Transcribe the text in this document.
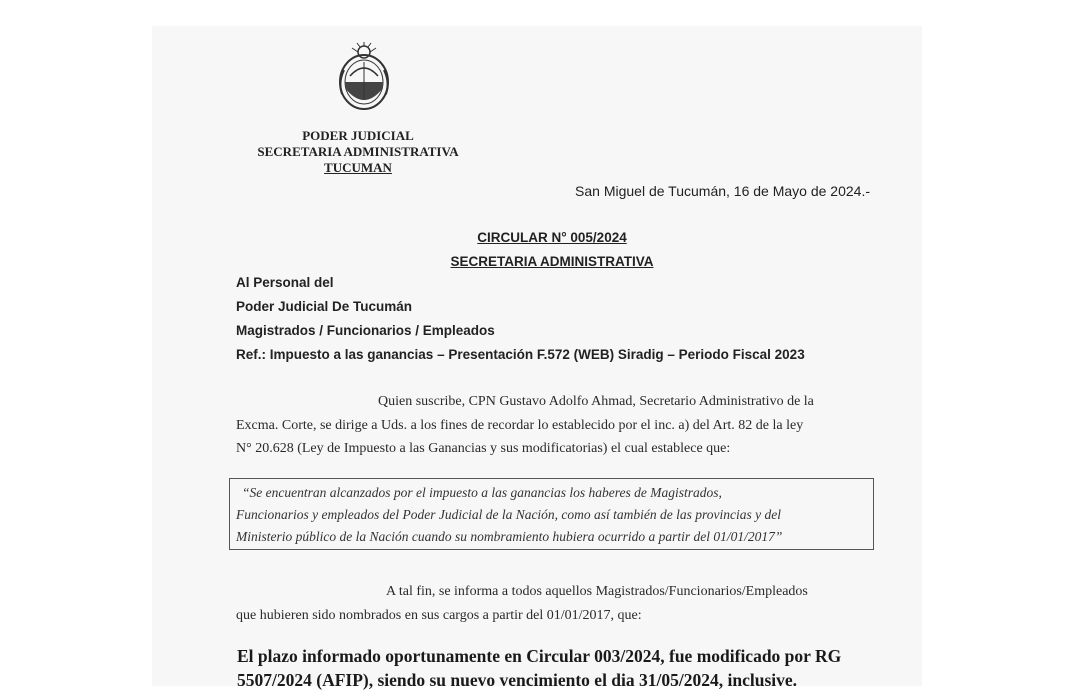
PODER JUDICIAL
SECRETARIA ADMINISTRATIVA
TUCUMAN
San Miguel de Tucumán, 16 de Mayo de 2024.-
CIRCULAR N° 005/2024
SECRETARIA ADMINISTRATIVA
Al Personal del
Poder Judicial De Tucumán
Magistrados / Funcionarios / Empleados
Ref.: Impuesto a las ganancias – Presentación F.572 (WEB) Siradig – Periodo Fiscal 2023
Quien suscribe, CPN Gustavo Adolfo Ahmad, Secretario Administrativo de la
Excma. Corte, se dirige a Uds. a los fines de recordar lo establecido por el inc. a) del Art. 82 de la ley
N° 20.628 (Ley de Impuesto a las Ganancias y sus modificatorias) el cual establece que:
“Se encuentran alcanzados por el impuesto a las ganancias los haberes de Magistrados,
Funcionarios y empleados del Poder Judicial de la Nación, como así también de las provincias y del
Ministerio público de la Nación cuando su nombramiento hubiera ocurrido a partir del 01/01/2017”
A tal fin, se informa a todos aquellos Magistrados/Funcionarios/Empleados
que hubieren sido nombrados en sus cargos a partir del 01/01/2017, que:
El plazo informado oportunamente en Circular 003/2024, fue modificado por RG
5507/2024 (AFIP), siendo su nuevo vencimiento el dia 31/05/2024, inclusive.
